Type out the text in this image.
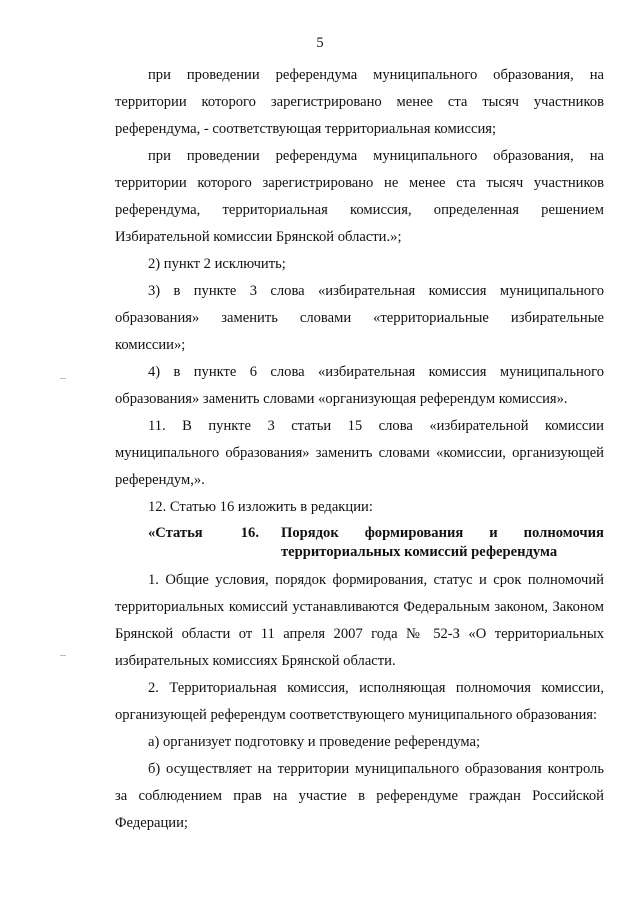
5

при проведении референдума муниципального образования, на территории которого зарегистрировано менее ста тысяч участников референдума, - соответствующая территориальная комиссия;

при проведении референдума муниципального образования, на территории которого зарегистрировано не менее ста тысяч участников референдума, территориальная комиссия, определенная решением Избирательной комиссии Брянской области.»;

2) пункт 2 исключить;

3) в пункте 3 слова «избирательная комиссия муниципального образования» заменить словами «территориальные избирательные комиссии»;

4) в пункте 6 слова «избирательная комиссия муниципального образования» заменить словами «организующая референдум комиссия».

11. В пункте 3 статьи 15 слова «избирательной комиссии муниципального образования» заменить словами «комиссии, организующей референдум,».

12. Статью 16 изложить в редакции:

«Статья	16. Порядок формирования и полномочия
территориальных комиссий референдума

1. Общие условия, порядок формирования, статус и срок полномочий территориальных комиссий устанавливаются Федеральным законом, Законом Брянской области от 11 апреля 2007 года № 52-З «О территориальных избирательных комиссиях Брянской области.

2. Территориальная комиссия, исполняющая полномочия комиссии, организующей референдум соответствующего муниципального образования:

а) организует подготовку и проведение референдума;

б) осуществляет на территории муниципального образования контроль за соблюдением прав на участие в референдуме граждан Российской Федерации;
